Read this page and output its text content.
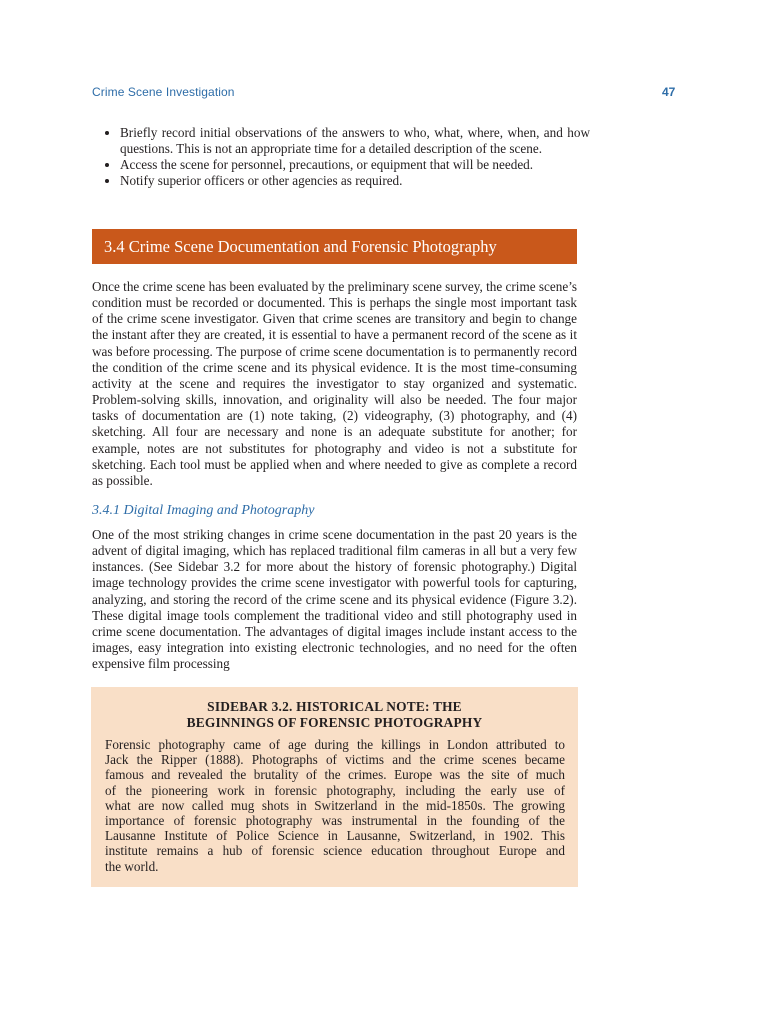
Crime Scene Investigation	47
• Briefly record initial observations of the answers to who, what, where, when, and how questions. This is not an appropriate time for a detailed description of the scene.
• Access the scene for personnel, precautions, or equipment that will be needed.
• Notify superior officers or other agencies as required.
3.4 Crime Scene Documentation and Forensic Photography

Once the crime scene has been evaluated by the preliminary scene survey, the crime scene’s condition must be recorded or documented. This is perhaps the single most important task of the crime scene investigator. Given that crime scenes are transitory and begin to change the instant after they are created, it is essential to have a permanent record of the scene as it was before processing. The purpose of crime scene documentation is to permanently record the condition of the crime scene and its physical evidence. It is the most time-consuming activity at the scene and requires the investigator to stay organized and systematic. Problem-solving skills, innovation, and originality will also be needed. The four major tasks of documentation are (1) note taking, (2) videography, (3) photography, and (4) sketching. All four are necessary and none is an adequate substitute for another; for example, notes are not substitutes for photography and video is not a substitute for sketching. Each tool must be applied when and where needed to give as complete a record as possible.

3.4.1 Digital Imaging and Photography

One of the most striking changes in crime scene documentation in the past 20 years is the advent of digital imaging, which has replaced traditional film cameras in all but a very few instances. (See Sidebar 3.2 for more about the history of forensic photography.) Digital image technology provides the crime scene investigator with powerful tools for capturing, analyzing, and storing the record of the crime scene and its physical evidence (Figure 3.2). These digital image tools complement the traditional video and still photography used in crime scene documentation. The advantages of digital images include instant access to the images, easy integration into existing electronic technologies, and no need for the often expensive film processing

SIDEBAR 3.2. HISTORICAL NOTE: THE
BEGINNINGS OF FORENSIC PHOTOGRAPHY

Forensic photography came of age during the killings in London attributed to
Jack the Ripper (1888). Photographs of victims and the crime scenes became
famous and revealed the brutality of the crimes. Europe was the site of much
of the pioneering work in forensic photography, including the early use of
what are now called mug shots in Switzerland in the mid-1850s. The growing
importance of forensic photography was instrumental in the founding of the
Lausanne Institute of Police Science in Lausanne, Switzerland, in 1902. This
institute remains a hub of forensic science education throughout Europe and
the world.
